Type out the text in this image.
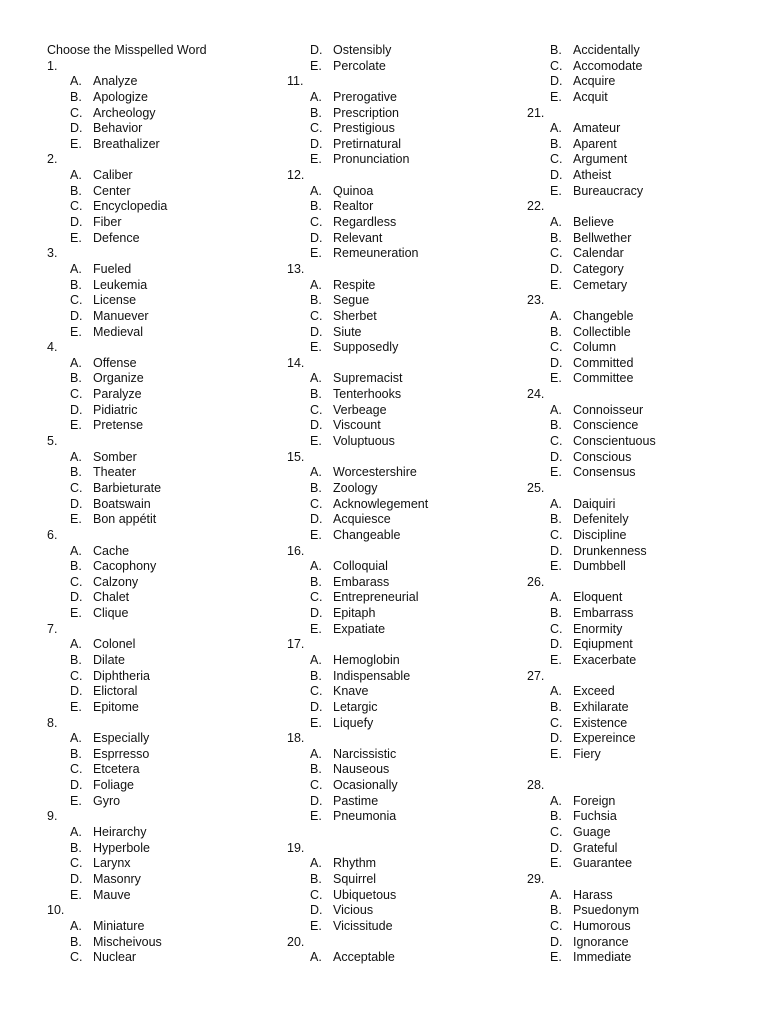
Choose the Misspelled Word
1.
A. Analyze
B. Apologize
C. Archeology
D. Behavior
E. Breathalizer
2.
A. Caliber
B. Center
C. Encyclopedia
D. Fiber
E. Defence
3.
A. Fueled
B. Leukemia
C. License
D. Manuever
E. Medieval
4.
A. Offense
B. Organize
C. Paralyze
D. Pidiatric
E. Pretense
5.
A. Somber
B. Theater
C. Barbieturate
D. Boatswain
E. Bon appétit
6.
A. Cache
B. Cacophony
C. Calzony
D. Chalet
E. Clique
7.
A. Colonel
B. Dilate
C. Diphtheria
D. Elictoral
E. Epitome
8.
A. Especially
B. Esprresso
C. Etcetera
D. Foliage
E. Gyro
9.
A. Heirarchy
B. Hyperbole
C. Larynx
D. Masonry
E. Mauve
10.
A. Miniature
B. Mischeivous
C. Nuclear
D. Ostensibly
E. Percolate
11.
A. Prerogative
B. Prescription
C. Prestigious
D. Pretirnatural
E. Pronunciation
12.
A. Quinoa
B. Realtor
C. Regardless
D. Relevant
E. Remeuneration
13.
A. Respite
B. Segue
C. Sherbet
D. Siute
E. Supposedly
14.
A. Supremacist
B. Tenterhooks
C. Verbeage
D. Viscount
E. Voluptuous
15.
A. Worcestershire
B. Zoology
C. Acknowlegement
D. Acquiesce
E. Changeable
16.
A. Colloquial
B. Embarass
C. Entrepreneurial
D. Epitaph
E. Expatiate
17.
A. Hemoglobin
B. Indispensable
C. Knave
D. Letargic
E. Liquefy
18.
A. Narcissistic
B. Nauseous
C. Ocasionally
D. Pastime
E. Pneumonia
19.
A. Rhythm
B. Squirrel
C. Ubiquetous
D. Vicious
E. Vicissitude
20.
A. Acceptable
B. Accidentally
C. Accomodate
D. Acquire
E. Acquit
21.
A. Amateur
B. Aparent
C. Argument
D. Atheist
E. Bureaucracy
22.
A. Believe
B. Bellwether
C. Calendar
D. Category
E. Cemetary
23.
A. Changeble
B. Collectible
C. Column
D. Committed
E. Committee
24.
A. Connoisseur
B. Conscience
C. Conscientuous
D. Conscious
E. Consensus
25.
A. Daiquiri
B. Defenitely
C. Discipline
D. Drunkenness
E. Dumbbell
26.
A. Eloquent
B. Embarrass
C. Enormity
D. Eqiupment
E. Exacerbate
27.
A. Exceed
B. Exhilarate
C. Existence
D. Expereince
E. Fiery
28.
A. Foreign
B. Fuchsia
C. Guage
D. Grateful
E. Guarantee
29.
A. Harass
B. Psuedonym
C. Humorous
D. Ignorance
E. Immediate
